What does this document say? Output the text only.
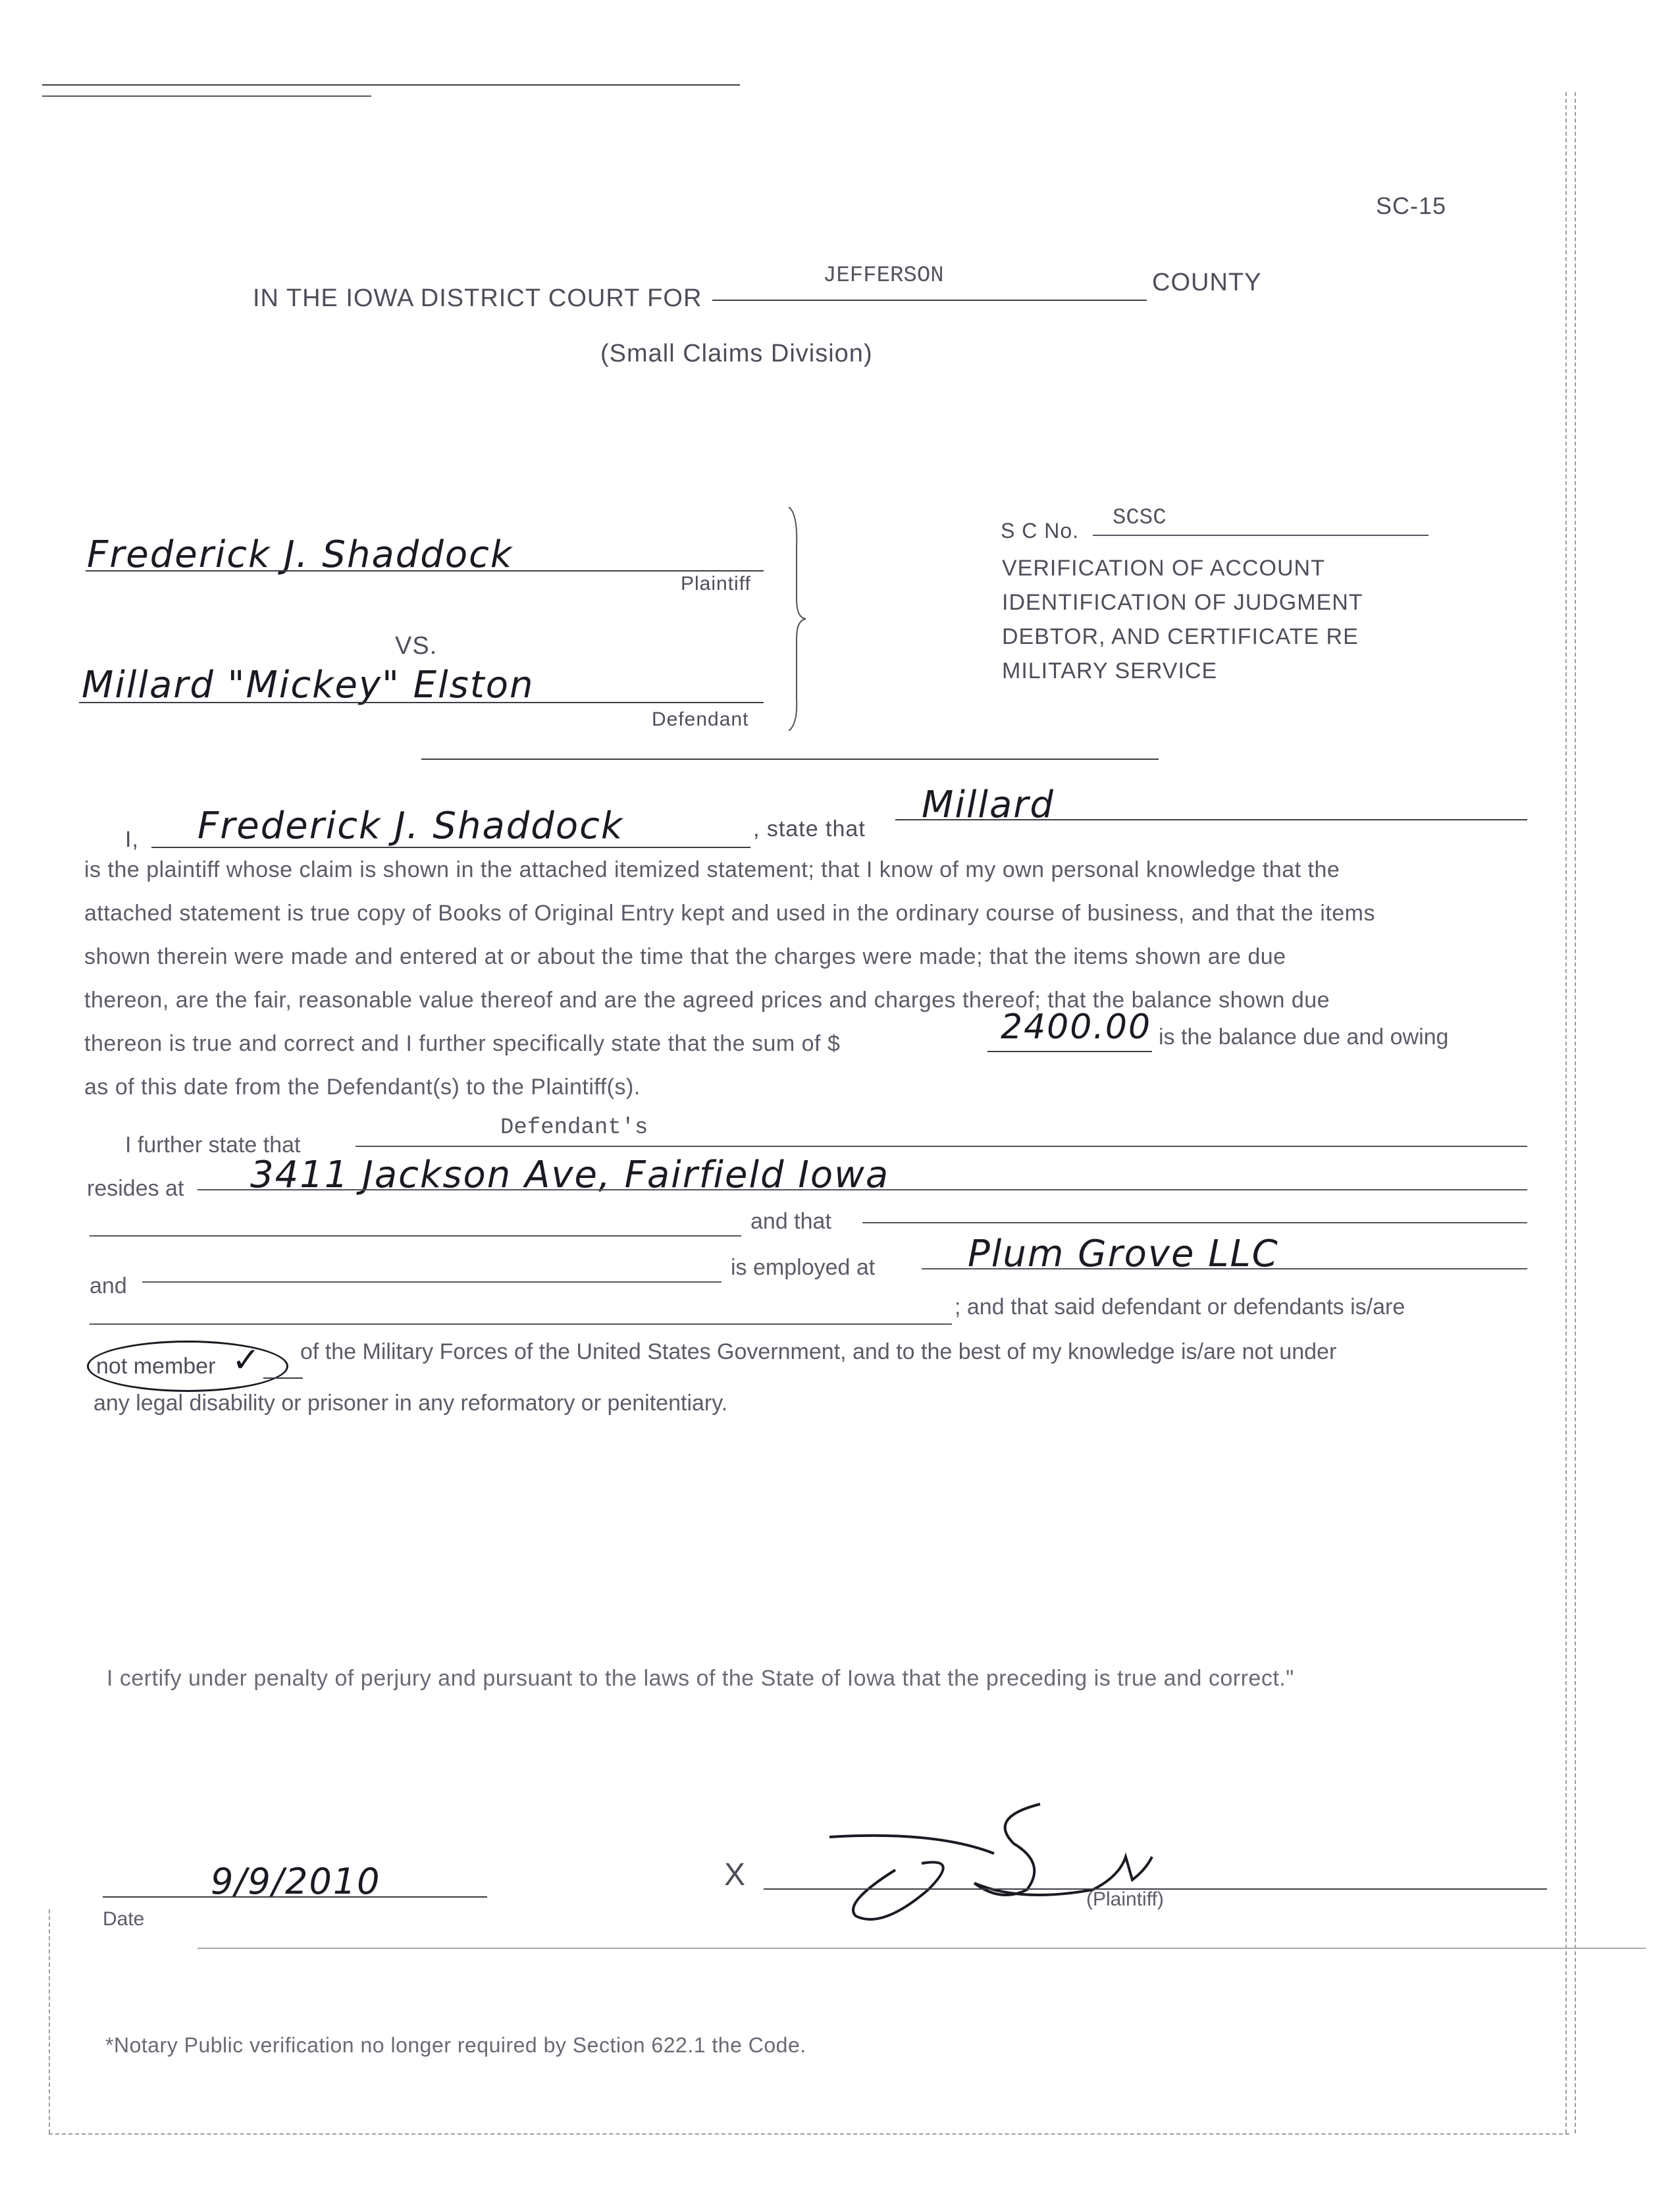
SC-15
IN THE IOWA DISTRICT COURT FOR
JEFFERSON	COUNTY
(Small Claims Division)
Frederick J. Shaddock
Plaintiff
VS.
Millard "Mickey" Elston
Defendant
S C No. SCSC
VERIFICATION OF ACCOUNT
IDENTIFICATION OF JUDGMENT
DEBTOR, AND CERTIFICATE RE
MILITARY SERVICE
I, Frederick J. Shaddock	, state that
Millard
is the plaintiff whose claim is shown in the attached itemized statement; that I know of my own personal knowledge that the
attached statement is true copy of Books of Original Entry kept and used in the ordinary course of business, and that the items
shown therein were made and entered at or about the time that the charges were made; that the items shown are due
thereon, are the fair, reasonable value thereof and are the agreed prices and charges thereof; that the balance shown due
thereon is true and correct and I further specifically state that the sum of $	2400.00 is the balance due and owing
as of this date from the Defendant(s) to the Plaintiff(s).
I further state that
Defendant's
resides at 3411 Jackson Ave, Fairfield Iowa
and that
and
is employed at	Plum Grove LLC
; and that said defendant or defendants is/are
not member ✓ of the Military Forces of the United States Government, and to the best of my knowledge is/are not under
any legal disability or prisoner in any reformatory or penitentiary.
I certify under penalty of perjury and pursuant to the laws of the State of Iowa that the preceding is true and correct."
9/9/2010
Date
X
(Plaintiff)
*Notary Public verification no longer required by Section 622.1 the Code.
